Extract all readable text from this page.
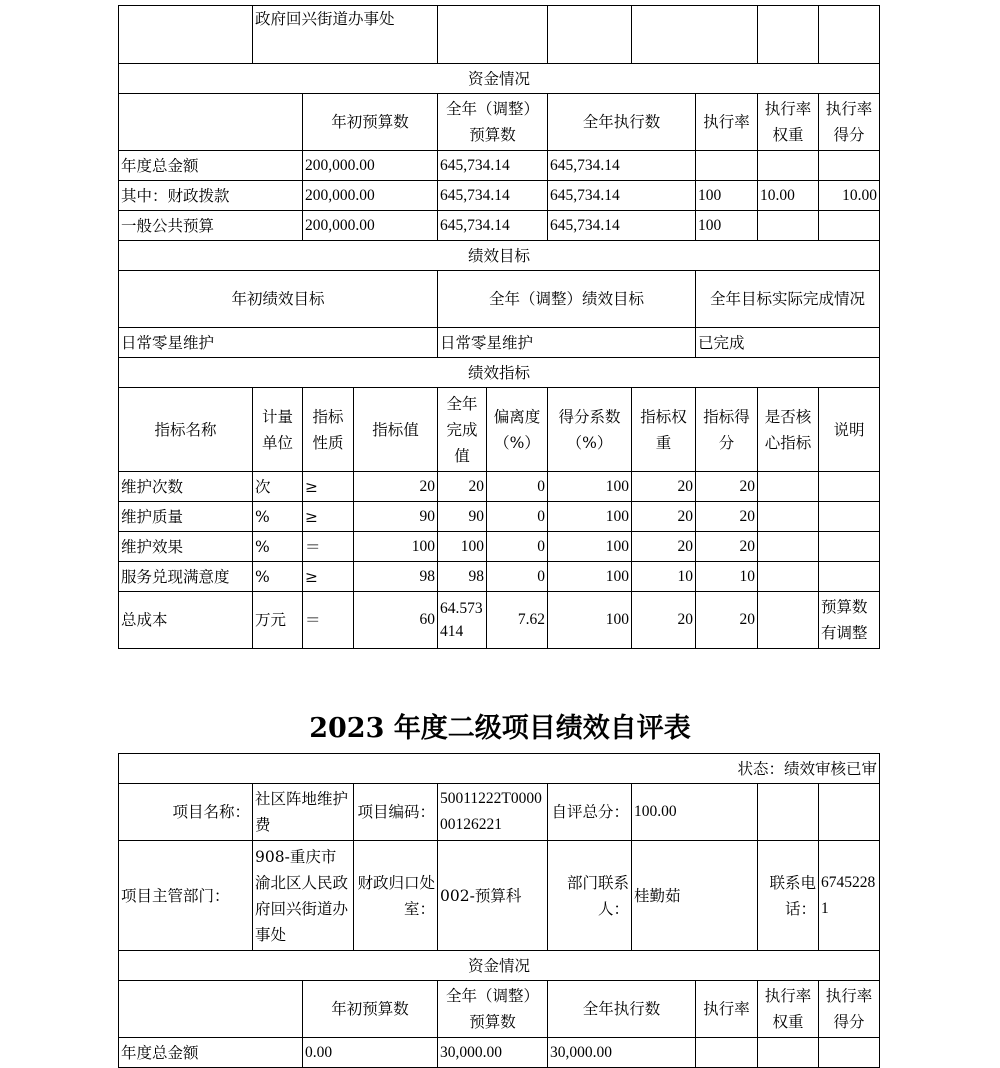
	政府回兴街道办事处									
资金情况										
		年初预算数		全年（调整）预算数		全年执行数		执行率	执行率权重	执行率得分
年度总金额		200,000.00		645,734.14		645,734.14				
其中：财政拨款		200,000.00		645,734.14		645,734.14		100	10.00	10.00
一般公共预算		200,000.00		645,734.14		645,734.14		100		
绩效目标										
年初绩效目标				全年（调整）绩效目标				全年目标实际完成情况		
日常零星维护				日常零星维护				已完成		
绩效指标										
指标名称	计量单位	指标性质	指标值	全年完成值	偏离度（%）	得分系数（%）	指标权重	指标得分	是否核心指标	说明
维护次数	次	≥	20	20	0	100	20	20		
维护质量	%	≥	90	90	0	100	20	20		
维护效果	%	＝	100	100	0	100	20	20		
服务兑现满意度	%	≥	98	98	0	100	10	10		
总成本	万元	＝	60	64.573414	7.62	100	20	20		预算数有调整
2023 年度二级项目绩效自评表
状态：绩效审核已审									
项目名称：	社区阵地维护费		项目编码：	50011222T000000126221	自评总分：	100.00			
项目主管部门：	908-重庆市渝北区人民政府回兴街道办事处		财政归口处室：	002-预算科	部门联系人：	桂勤茹		联系电话：	67452281
资金情况									
		年初预算数		全年（调整）预算数	全年执行数		执行率	执行率权重	执行率得分
年度总金额		0.00		30,000.00	30,000.00				
